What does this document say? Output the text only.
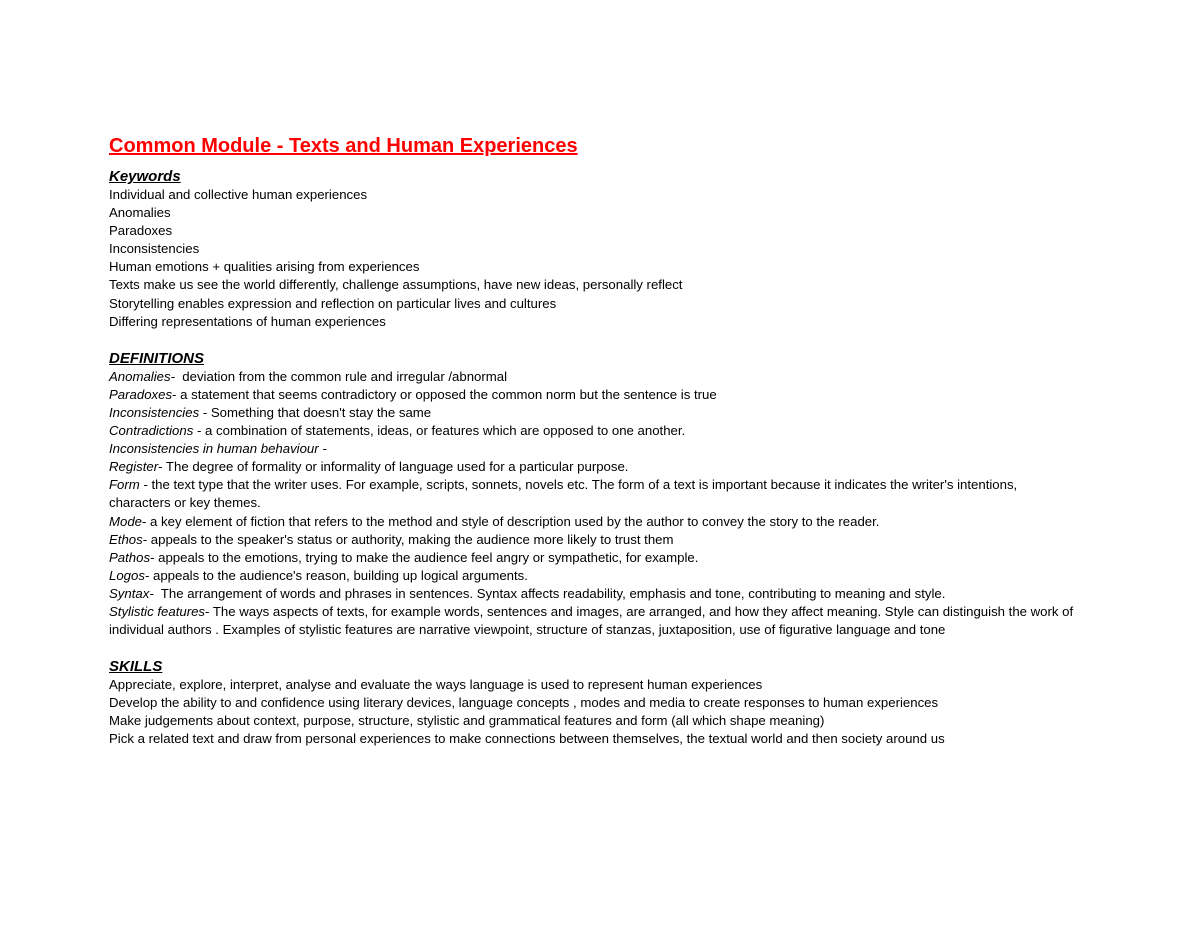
Common Module - Texts and Human Experiences
Keywords

Individual and collective human experiences

Anomalies

Paradoxes

Inconsistencies

Human emotions + qualities arising from experiences

Texts make us see the world differently, challenge assumptions, have new ideas, personally reflect

Storytelling enables expression and reflection on particular lives and cultures

Differing representations of human experiences

DEFINITIONS

Anomalies-  deviation from the common rule and irregular /abnormal

Paradoxes- a statement that seems contradictory or opposed the common norm but the sentence is true

Inconsistencies - Something that doesn't stay the same

Contradictions - a combination of statements, ideas, or features which are opposed to one another.

Inconsistencies in human behaviour -

Register- The degree of formality or informality of language used for a particular purpose.

Form - the text type that the writer uses. For example, scripts, sonnets, novels etc. The form of a text is important because it indicates the writer's intentions, characters or key themes.

Mode- a key element of fiction that refers to the method and style of description used by the author to convey the story to the reader.

Ethos- appeals to the speaker's status or authority, making the audience more likely to trust them

Pathos- appeals to the emotions, trying to make the audience feel angry or sympathetic, for example.

Logos- appeals to the audience's reason, building up logical arguments.

Syntax-  The arrangement of words and phrases in sentences. Syntax affects readability, emphasis and tone, contributing to meaning and style.

Stylistic features- The ways aspects of texts, for example words, sentences and images, are arranged, and how they affect meaning. Style can distinguish the work of individual authors . Examples of stylistic features are narrative viewpoint, structure of stanzas, juxtaposition, use of figurative language and tone

SKILLS

Appreciate, explore, interpret, analyse and evaluate the ways language is used to represent human experiences

Develop the ability to and confidence using literary devices, language concepts , modes and media to create responses to human experiences

Make judgements about context, purpose, structure, stylistic and grammatical features and form (all which shape meaning)

Pick a related text and draw from personal experiences to make connections between themselves, the textual world and then society around us
